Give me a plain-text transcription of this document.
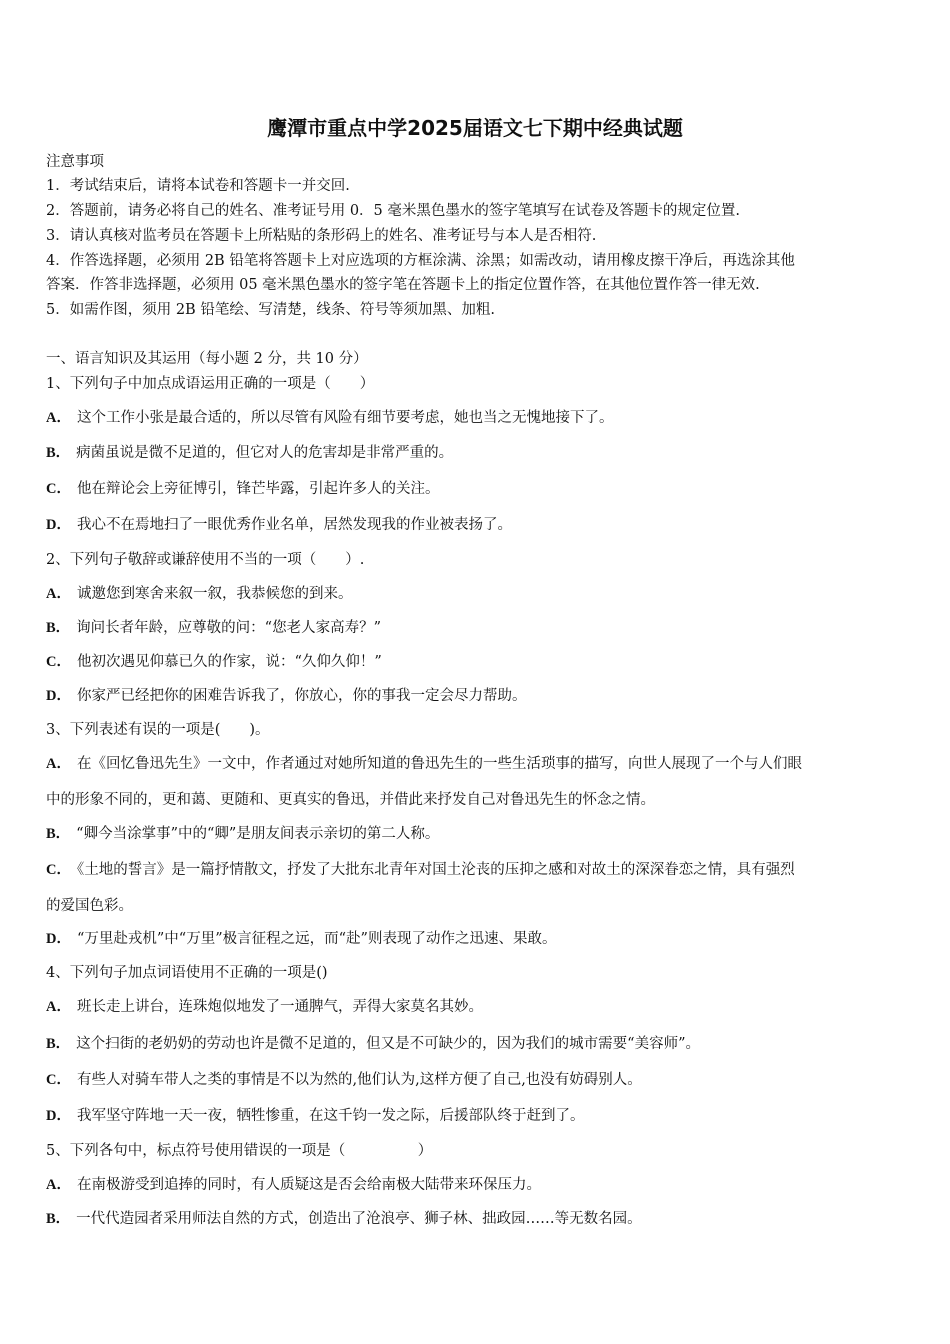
鹰潭市重点中学2025届语文七下期中经典试题
注意事项
1．考试结束后，请将本试卷和答题卡一并交回.
2．答题前，请务必将自己的姓名、准考证号用 0．5 毫米黑色墨水的签字笔填写在试卷及答题卡的规定位置.
3．请认真核对监考员在答题卡上所粘贴的条形码上的姓名、准考证号与本人是否相符.
4．作答选择题，必须用 2B 铅笔将答题卡上对应选项的方框涂满、涂黑；如需改动，请用橡皮擦干净后，再选涂其他
答案．作答非选择题，必须用 05 毫米黑色墨水的签字笔在答题卡上的指定位置作答，在其他位置作答一律无效.
5．如需作图，须用 2B 铅笔绘、写清楚，线条、符号等须加黑、加粗.
一、语言知识及其运用（每小题 2 分，共 10 分）
1、下列句子中加点成语运用正确的一项是（　　）
A． 这个工作小张是最合适的，所以尽管有风险有细节要考虑，她也当之无愧地接下了。
B． 病菌虽说是微不足道的，但它对人的危害却是非常严重的。
C． 他在辩论会上旁征博引，锋芒毕露，引起许多人的关注。
D． 我心不在焉地扫了一眼优秀作业名单，居然发现我的作业被表扬了。
2、下列句子敬辞或谦辞使用不当的一项（　　）.
A． 诚邀您到寒舍来叙一叙，我恭候您的到来。
B． 询问长者年龄，应尊敬的问：“您老人家高寿？”
C． 他初次遇见仰慕已久的作家，说：“久仰久仰！”
D． 你家严已经把你的困难告诉我了，你放心，你的事我一定会尽力帮助。
3、下列表述有误的一项是(　　)。
A． 在《回忆鲁迅先生》一文中，作者通过对她所知道的鲁迅先生的一些生活琐事的描写，向世人展现了一个与人们眼
中的形象不同的，更和蔼、更随和、更真实的鲁迅，并借此来抒发自己对鲁迅先生的怀念之情。
B． “卿今当涂掌事”中的“卿”是朋友间表示亲切的第二人称。
C． 《土地的誓言》是一篇抒情散文，抒发了大批东北青年对国土沦丧的压抑之感和对故土的深深眷恋之情，具有强烈
的爱国色彩。
D． “万里赴戎机”中“万里”极言征程之远，而“赴”则表现了动作之迅速、果敢。
4、下列句子加点词语使用不正确的一项是()
A． 班长走上讲台，连珠炮似地发了一通脾气，弄得大家莫名其妙。
B． 这个扫街的老奶奶的劳动也许是微不足道的，但又是不可缺少的，因为我们的城市需要“美容师”。
C． 有些人对骑车带人之类的事情是不以为然的,他们认为,这样方便了自己,也没有妨碍别人。
D． 我军坚守阵地一天一夜，牺牲惨重，在这千钧一发之际，后援部队终于赶到了。
5、下列各句中，标点符号使用错误的一项是（　　　　　）
A． 在南极游受到追捧的同时，有人质疑这是否会给南极大陆带来环保压力。
B． 一代代造园者采用师法自然的方式，创造出了沧浪亭、狮子林、拙政园……等无数名园。
